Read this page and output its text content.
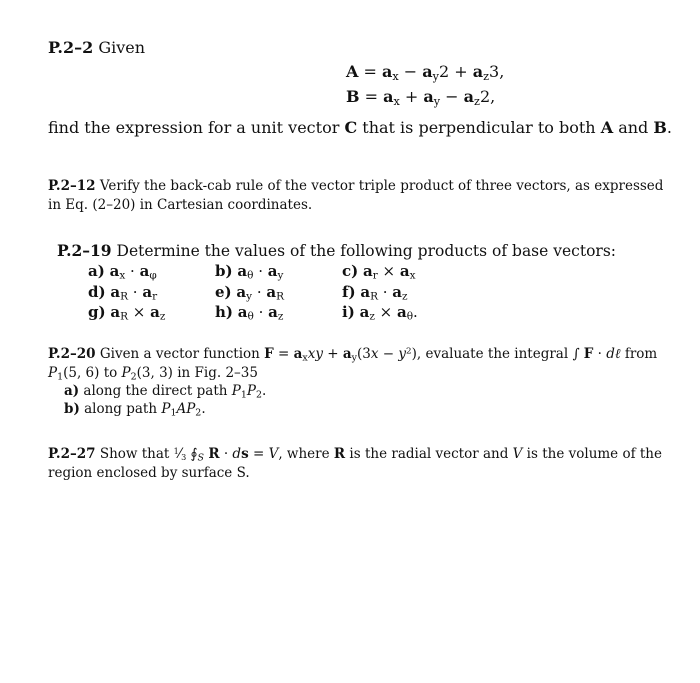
P.2–2 Given
$A = a_x - a_y2 + a_z3$,
$B = a_x + a_y - a_z2$,
find the expression for a unit vector C that is perpendicular to both A and B.
P.2–12 Verify the back-cab rule of the vector triple product of three vectors, as expressed
in Eq. (2–20) in Cartesian coordinates.
P.2–19 Determine the values of the following products of base vectors:
a) $a_x \cdot a_\varphi$	b) $a_\theta \cdot a_y$	c) $a_r \times a_x$
d) $a_R \cdot a_r$	e) $a_y \cdot a_R$	f) $a_R \cdot a_z$
g) $a_R \times a_z$	h) $a_\theta \cdot a_z$	i) $a_z \times a_\theta$.
P.2–20 Given a vector function $F = a_xxy + a_y(3x - y^2)$, evaluate the integral ∫ F · dℓ from
$P_1(5$, 6) to $P_2(3$, 3) in Fig. 2–35
a) along the direct path $P_1P_2$.
b) along path $P_1AP_2$.
P.2–27 Show that $^1⁄_3$ $∮_S$ R · ds = V, where R is the radial vector and V is the volume of the
region enclosed by surface S.
